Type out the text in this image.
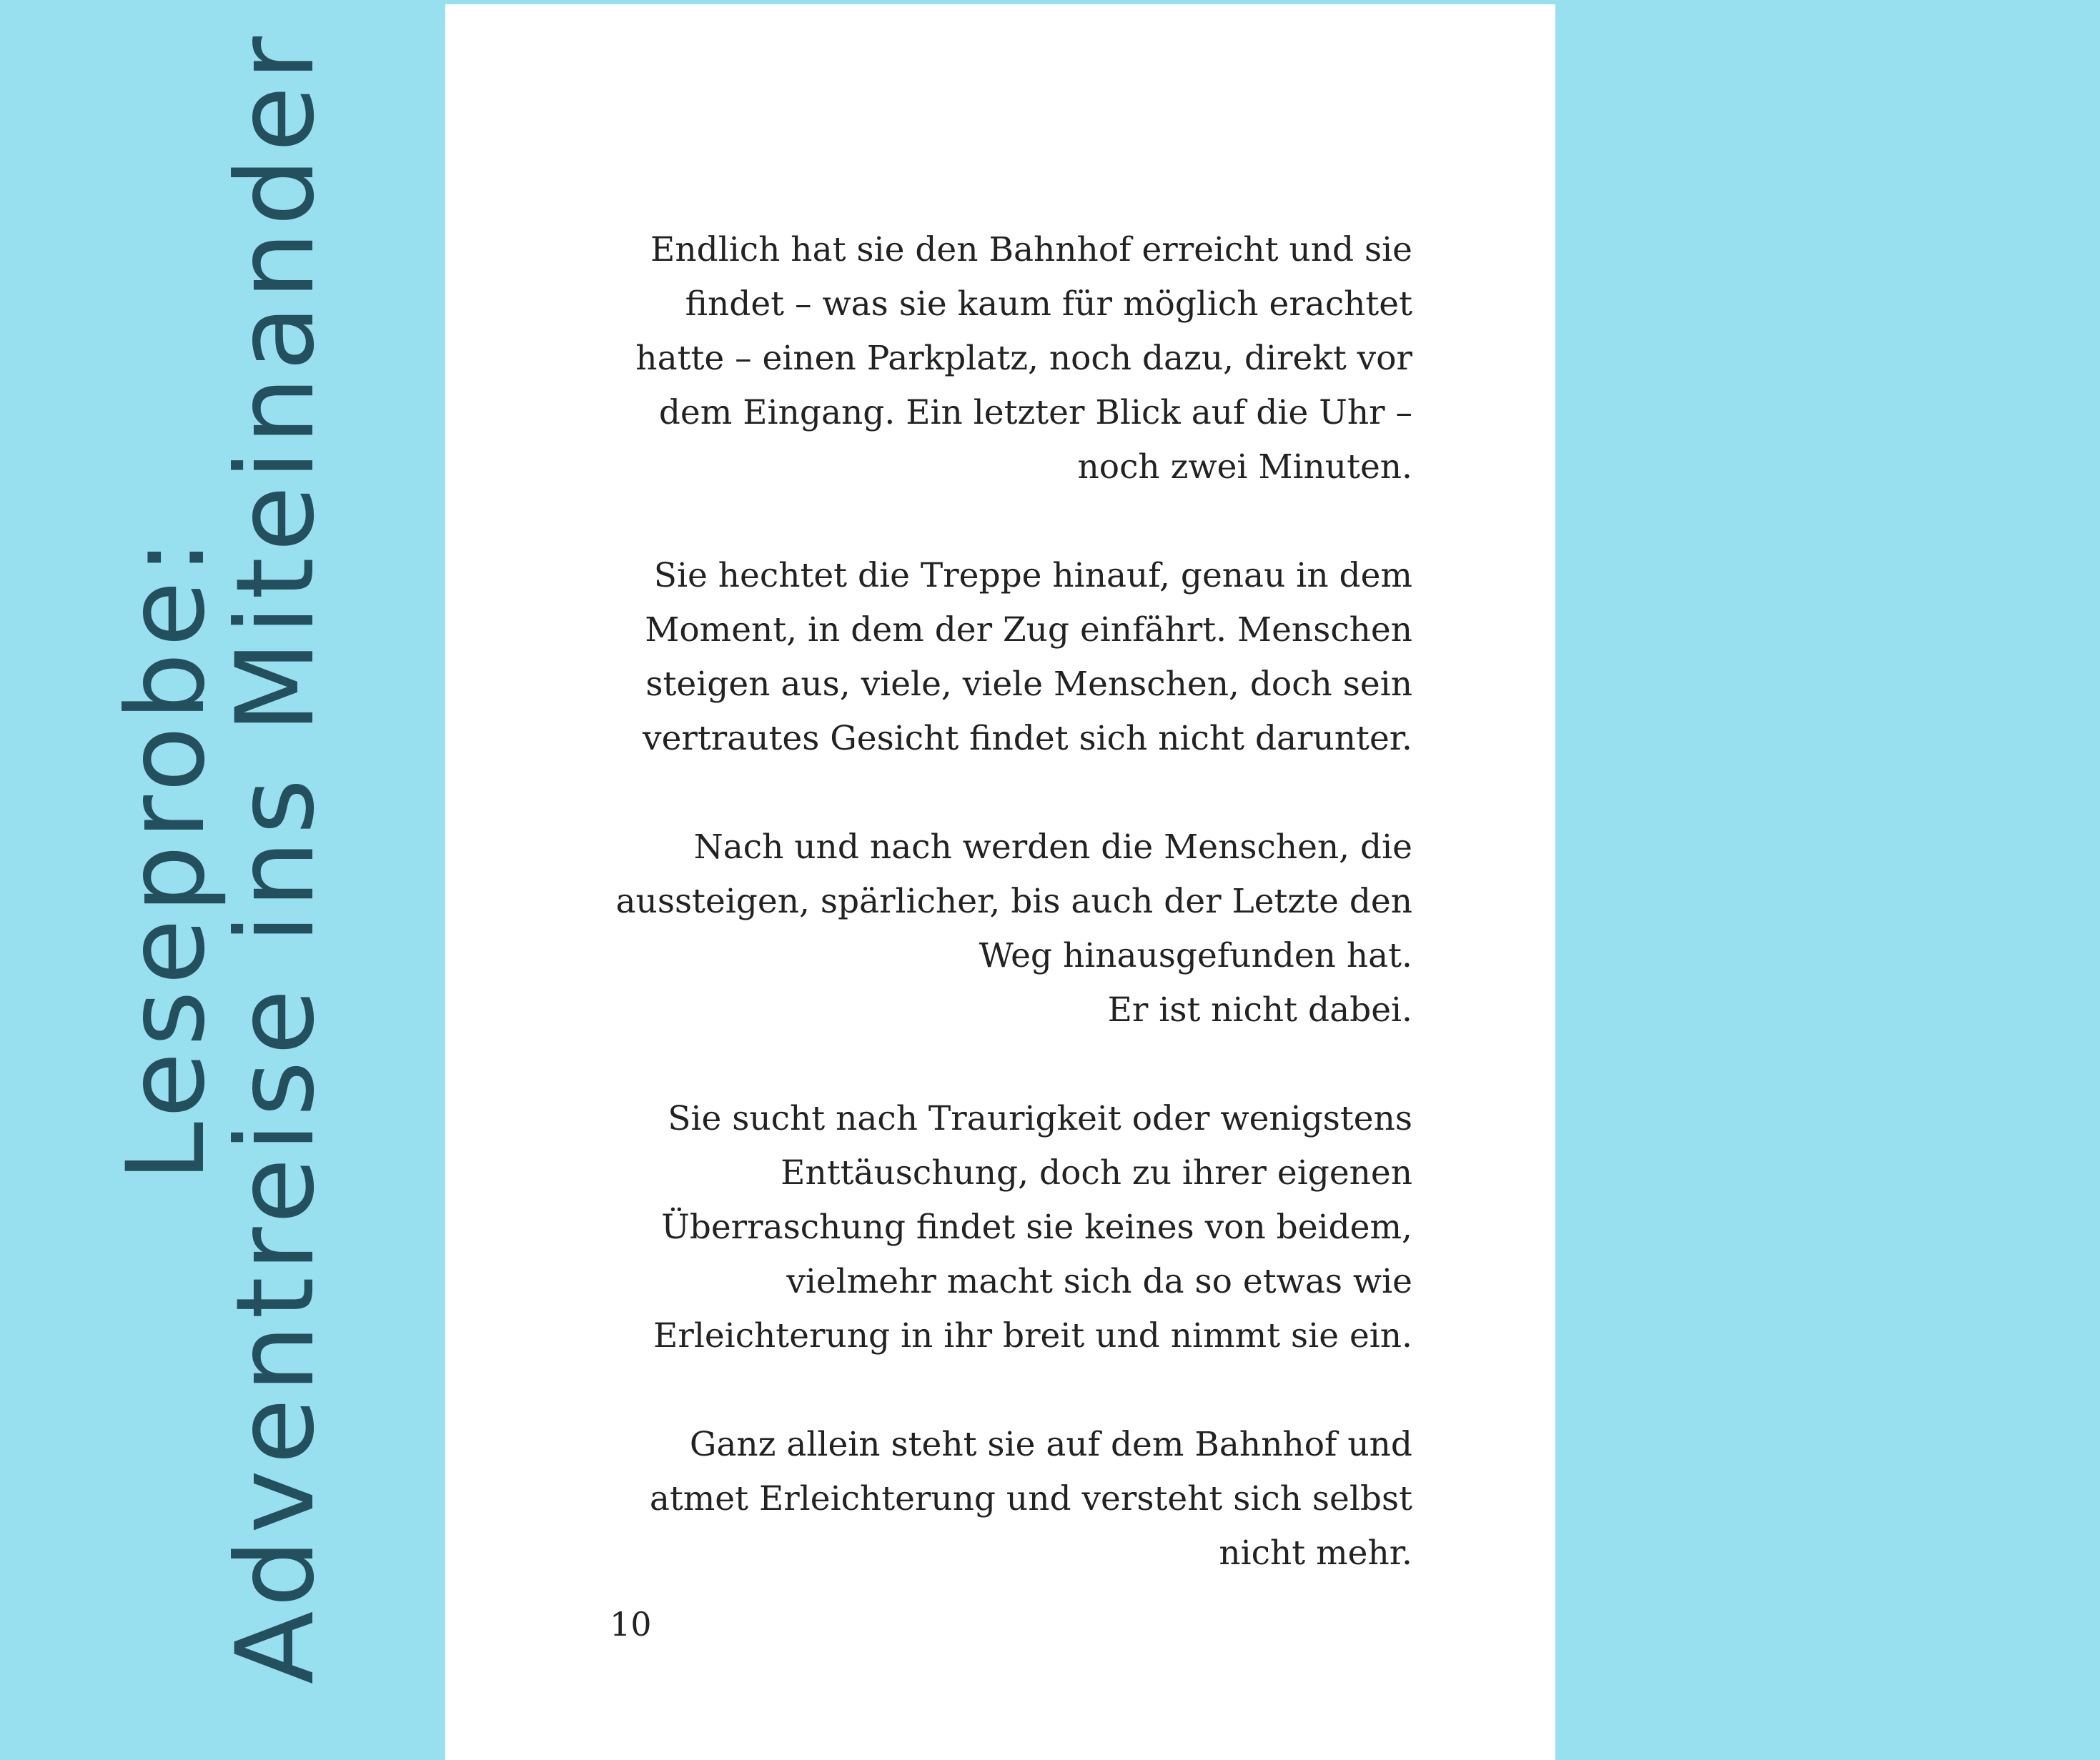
Leseprobe:
Adventreise ins Miteinander	Endlich hat sie den Bahnhof erreicht und sie
findet – was sie kaum für möglich erachtet
hatte – einen Parkplatz, noch dazu, direkt vor
dem Eingang. Ein letzter Blick auf die Uhr –
noch zwei Minuten.

Sie hechtet die Treppe hinauf, genau in dem
Moment, in dem der Zug einfährt. Menschen
steigen aus, viele, viele Menschen, doch sein
vertrautes Gesicht findet sich nicht darunter.

Nach und nach werden die Menschen, die
aussteigen, spärlicher, bis auch der Letzte den
Weg hinausgefunden hat.
Er ist nicht dabei.

Sie sucht nach Traurigkeit oder wenigstens
Enttäuschung, doch zu ihrer eigenen
Überraschung findet sie keines von beidem,
vielmehr macht sich da so etwas wie
Erleichterung in ihr breit und nimmt sie ein.

Ganz allein steht sie auf dem Bahnhof und
atmet Erleichterung und versteht sich selbst
nicht mehr.

10
